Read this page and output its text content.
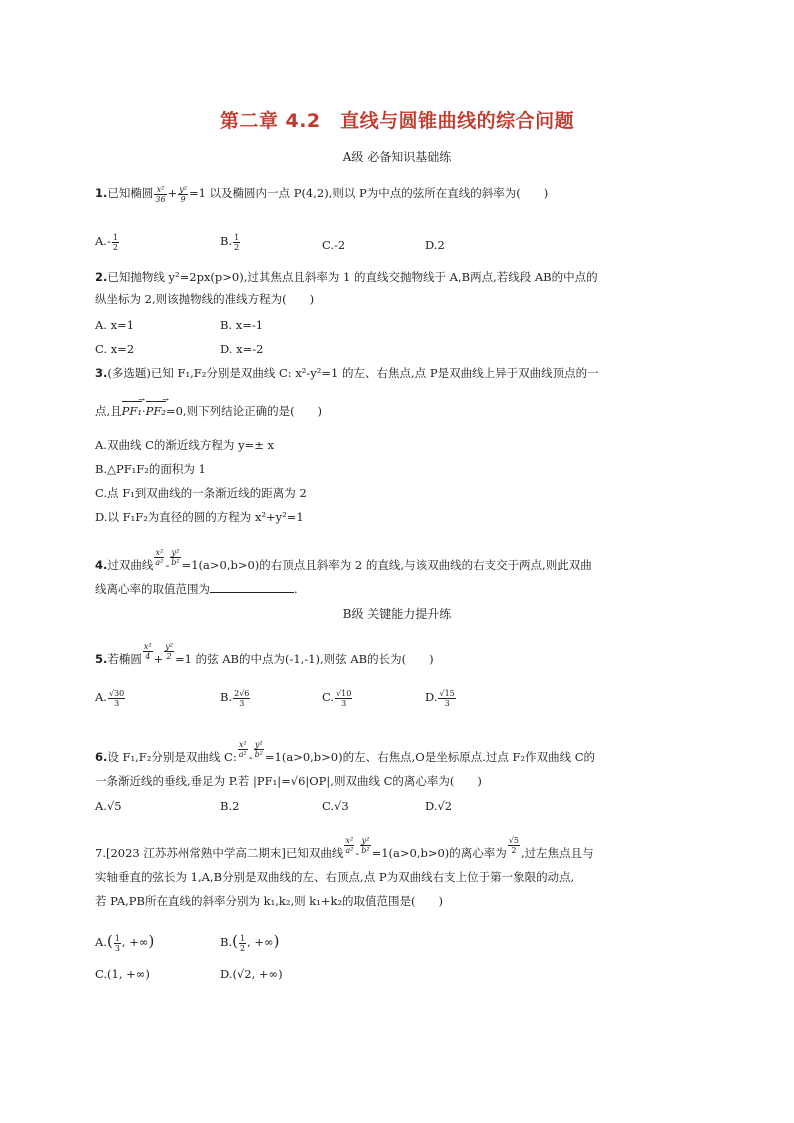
第二章 4.2　直线与圆锥曲线的综合问题
A级 必备知识基础练
1.已知椭圆 $\frac{\text{x²}}{36} + \frac{\text{y²}}{9} =1$ 以及椭圆内一点 P(4,2),则以 P为中点的弦所在直线的斜率为(　　)
$A.- \frac{1}{2}$	B. $\frac{1}{2}$	C.-2	D.2
2.已知抛物线 y²=2px(p>0),过其焦点且斜率为 1 的直线交抛物线于 A,B两点,若线段 AB的中点的
纵坐标为 2,则该抛物线的准线方程为(　　)
A. x=1	B. x=-1
C. x=2	D. x=-2
3.(多选题)已知 F₁,F₂分别是双曲线 C: x²-y²=1 的左、右焦点,点 P是双曲线上异于双曲线顶点的一
点,且PF₁ →·PF₂ →=0,则下列结论正确的是(　　)
A.双曲线 C的渐近线方程为 y=± x
B.△PF₁F₂的面积为 1
C.点 F₁到双曲线的一条渐近线的距离为 2
D.以 F₁F₂为直径的圆的方程为 x²+y²=1
4.过双曲线 $\frac{\text{x²}}{\text{a²}} - \frac{\text{y²}}{\text{b²}} =1(a>0,b>0)$的右顶点且斜率为 2 的直线,与该双曲线的右支交于两点,则此双曲
线离心率的取值范围为	.
B级 关键能力提升练
5.若椭圆 $\frac{\text{x²}}{4} + \frac{\text{y²}}{2} =1$ 的弦 AB的中点为(-1,-1),则弦 AB的长为(　　)
A. $\frac{√30}{3}$	B. $\frac{2√6}{3}$	C. $\frac{√10}{3}$	D. $\frac{√15}{3}$
6.设 F₁,F₂分别是双曲线 C: $\frac{\text{x²}}{\text{a²}} - \frac{\text{y²}}{\text{b²}} =1(a>0,b>0)$的左、右焦点,O是坐标原点.过点 F₂作双曲线 C的
一条渐近线的垂线,垂足为 P.若 |PF₁|=√6|OP|,则双曲线 C的离心率为(　　)
A.√5	B.2	C.√3	D.√2
7.[2023 江苏苏州常熟中学高二期末]已知双曲线 $\frac{\text{x²}}{\text{a²}} - \frac{\text{y²}}{\text{b²}} =1(a>0,b>0)$的离心率为 $\frac{√5}{2}$ ,过左焦点且与
实轴垂直的弦长为 1,A,B分别是双曲线的左、右顶点,点 P为双曲线右支上位于第一象限的动点,
若 PA,PB所在直线的斜率分别为 k₁,k₂,则 k₁+k₂的取值范围是(　　)
$A.( \frac{1}{3}$ , +∞)	$B.( \frac{1}{2}$ , +∞)
C.(1, +∞)	D.(√2, +∞)
